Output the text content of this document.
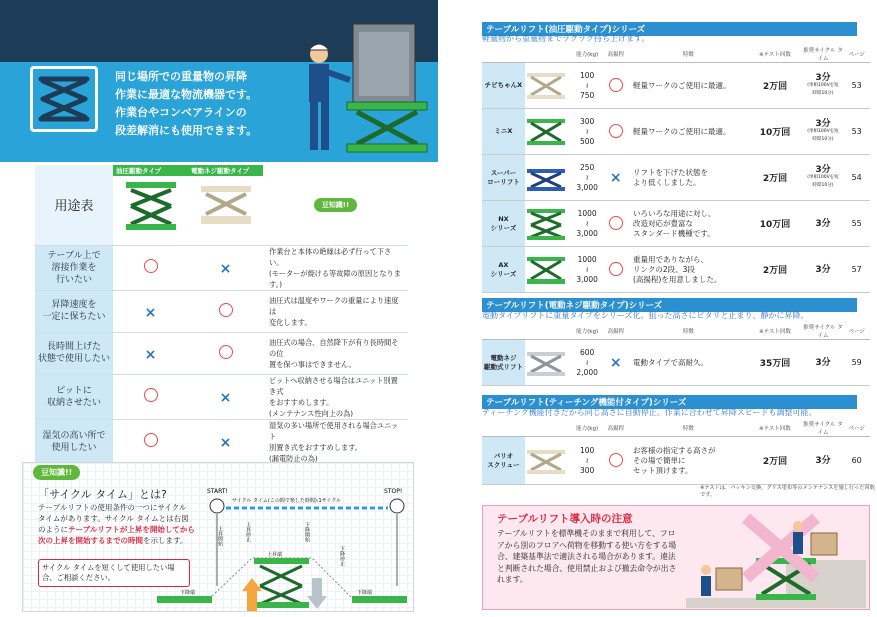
同じ場所での重量物の昇降
作業に最適な物流機器です。
作業台やコンベアラインの
段差解消にも使用できます。
用途表	油圧駆動タイプ	電動ネジ駆動タイプ	豆知識!!
テーブル上で
溶接作業を
行いたい		×	作業台と本体の絶縁は必ず行って下さい。
(モーターが焼ける等故障の原因となります。)
昇降速度を
一定に保ちたい	×		油圧式は温度やワークの重量により速度は
変化します。
長時間上げた
状態で使用したい	×		油圧式の場合、自然降下が有り長時間その位
置を保つ事はできません。
ピットに
収納させたい		×	ピットへ収納させる場合はユニット別置き式
をおすすめします。
(メンテナンス性向上の為)
湿気の高い所で
使用したい		×	湿気の多い場所で使用される場合ユニット
別置き式をおすすめします。
(漏電防止の為)
豆知識!!
「サイクル タイム」とは?
テーブルリフトの使用条件の一つにサイクル タイムがあります。サイクル タイムとは右図のようにテーブルリフトが上昇を開始してから次の上昇を開始するまでの時間を示します。
サイクル タイムを短くして使用したい場合、ご相談ください。
START!	STOP!
サイクル タイム(この間で楽した時間):1サイクル
上昇開始	上昇停止	下降開始
下降停止
上昇端
下降端	下降端
テーブルリフト(油圧駆動タイプ)シリーズ
軽量物から重量物までラクラク持ち上げます。
		能力(kg)	高揚程	特徴	※テスト回数	推奨サイクル タイム	ページ
チビちゃんX		100
≀
750		軽量ワークのご使用に最適。	2万回	3分
(単相100Vを短
時間10分)	53
ミニX		300
≀
500		軽量ワークのご使用に最適。	10万回	3分
(単相100Vを短
時間10分)	53
スーパー
ローリフト		250
≀
3,000	×	リフトを下げた状態を
より低くしました。	2万回	3分
(単相100Vを短
時間10分)	54
NX
シリーズ		1000
≀
3,000		いろいろな用途に対し、
改造対応が豊富な
スタンダード機種です。	10万回	3分	55
AX
シリーズ		1000
≀
3,000		重量用でありながら、
リンクの2段、3段
(高揚程)を用意しました。	2万回	3分	57
テーブルリフト(電動ネジ駆動タイプ)シリーズ
電動タイプリフトに重量タイプをシリーズ化。狙った高さにピタリと止まり、静かに昇降。
		能力(kg)	高揚程	特徴	※テスト回数	推奨サイクル タイム	ページ
電動ネジ
駆動式リフト		600
≀
2,000	×	電動タイプで高耐久。	35万回	3分	59
テーブルリフト(ティーチング機能付タイプ)シリーズ
ティーチング機能付きだから同じ高さに自動停止。作業に合わせて昇降スピードも調整可能。
		能力(kg)	高揚程	特徴	※テスト回数	推奨サイクル タイム	ページ
バリオ
スクリュー		100
≀
300		お客様の指定する高さが
その場で簡単に
セット頂けます。	2万回	3分	60
※テストは、パッキン交換、グリス塗布等のメンテナンスを施し行った回数です。
テーブルリフト導入時の注意
テーブルリフトを標準機そのままで利用して、フロアから別のフロアへ荷物を移動する使い方をする場合、建築基準法で適法される場合があります。違法と判断された場合、使用禁止および撤去命令が出されます。
